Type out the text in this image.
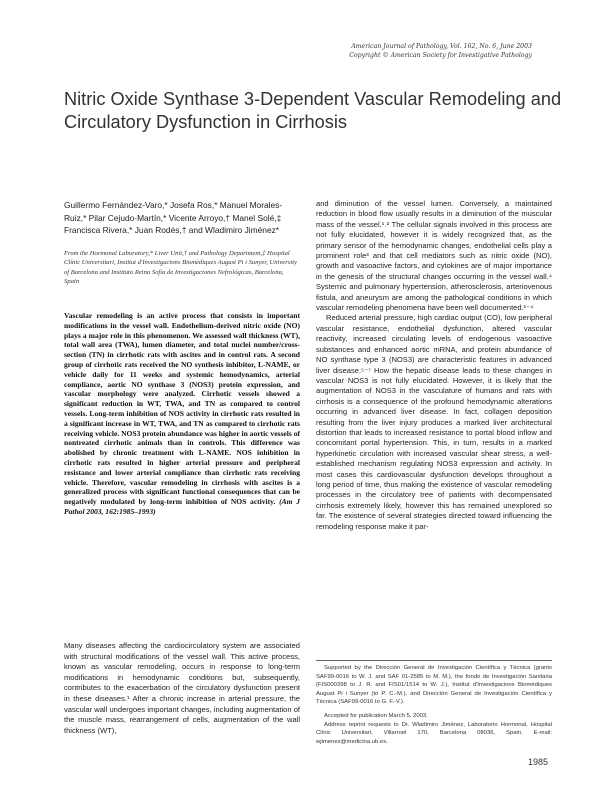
American Journal of Pathology, Vol. 162, No. 6, June 2003
Copyright © American Society for Investigative Pathology
Nitric Oxide Synthase 3-Dependent Vascular Remodeling and Circulatory Dysfunction in Cirrhosis
Guillermo Fernández-Varo,* Josefa Ros,* Manuel Morales-Ruiz,* Pilar Cejudo-Martín,* Vicente Arroyo,† Manel Solé,‡ Francisca Rivera,* Juan Rodés,† and Wladimiro Jiménez*
From the Hormonal Laboratory,* Liver Unit,† and Pathology Department,‡ Hospital Clínic Universitari, Institut d'Investigacions Biomèdiques August Pi i Sunyer, University of Barcelona and Instituto Reina Sofía de Investigaciones Nefrológicas, Barcelona, Spain

Vascular remodeling is an active process that consists in important modifications in the vessel wall. Endothelium-derived nitric oxide (NO) plays a major role in this phenomenon. We assessed wall thickness (WT), total wall area (TWA), lumen diameter, and total nuclei number/cross-section (TN) in cirrhotic rats with ascites and in control rats. A second group of cirrhotic rats received the NO synthesis inhibitor, L-NAME, or vehicle daily for 11 weeks and systemic hemodynamics, arterial compliance, aortic NO synthase 3 (NOS3) protein expression, and vascular morphology were analyzed. Cirrhotic vessels showed a significant reduction in WT, TWA, and TN as compared to control vessels. Long-term inhibition of NOS activity in cirrhotic rats resulted in a significant increase in WT, TWA, and TN as compared to cirrhotic rats receiving vehicle. NOS3 protein abundance was higher in aortic vessels of nontreated cirrhotic animals than in controls. This difference was abolished by chronic treatment with L-NAME. NOS inhibition in cirrhotic rats resulted in higher arterial pressure and peripheral resistance and lower arterial compliance than cirrhotic rats receiving vehicle. Therefore, vascular remodeling in cirrhosis with ascites is a generalized process with significant functional consequences that can be negatively modulated by long-term inhibition of NOS activity. (Am J Pathol 2003, 162:1985–1993)

Many diseases affecting the cardiocirculatory system are associated with structural modifications of the vessel wall. This active process, known as vascular remodeling, occurs in response to long-term modifications in hemodynamic conditions but, subsequently, contributes to the exacerbation of the circulatory dysfunction present in these diseases.¹ After a chronic increase in arterial pressure, the vascular wall undergoes important changes, including augmentation of the muscle mass, rearrangement of cells, augmentation of the wall thickness (WT),

and diminution of the vessel lumen. Conversely, a maintained reduction in blood flow usually results in a diminution of the muscular mass of the vessel.¹˒² The cellular signals involved in this process are not fully elucidated, however it is widely recognized that, as the primary sensor of the hemodynamic changes, endothelial cells play a prominent role³ and that cell mediators such as nitric oxide (NO), growth and vasoactive factors, and cytokines are of major importance in the genesis of the structural changes occurring in the vessel wall.⁴ Systemic and pulmonary hypertension, atherosclerosis, arteriovenous fistula, and aneurysm are among the pathological conditions in which vascular remodeling phenomena have been well documented.¹⁻⁴

Reduced arterial pressure, high cardiac output (CO), low peripheral vascular resistance, endothelial dysfunction, altered vascular reactivity, increased circulating levels of endogenous vasoactive substances and enhanced aortic mRNA, and protein abundance of NO synthase type 3 (NOS3) are characteristic features in advanced liver disease.⁵⁻⁷ How the hepatic disease leads to these changes in vascular NOS3 is not fully elucidated. However, it is likely that the augmentation of NOS3 in the vasculature of humans and rats with cirrhosis is a consequence of the profound hemodynamic alterations occurring in advanced liver disease. In fact, collagen deposition resulting from the liver injury produces a marked liver architectural distortion that leads to increased resistance to portal blood inflow and concomitant portal hypertension. This, in turn, results in a marked hyperkinetic circulation with increased vascular shear stress, a well-established mechanism regulating NOS3 expression and activity. In most cases this cardiovascular dysfunction develops throughout a long period of time, thus making the existence of vascular remodeling processes in the circulatory tree of patients with decompensated cirrhosis extremely likely, however this has remained unexplored so far. The existence of several strategies directed toward influencing the remodeling response make it par-

Supported by the Dirección General de Investigación Científica y Técnica (grants SAF99-0016 to W. J. and SAF 01-2585 to M. M.), the fondo de Investigación Sanitaria (FIS000398 to J. R. and FIS01/1514 to W. J.), Institut d'Investigacions Biomèdiques August Pi i Sunyer (to P. C.-M.), and Dirección General de Investigación Científica y Técnica (SAF99-0016 to G. F.-V.).

Accepted for publication March 5, 2003.

Address reprint requests to Dr. Wladimiro Jiménez, Laboratorio Hormonal, Hospital Clínic Universitari, Villarroel 170, Barcelona 08036, Spain. E-mail: wjimenez@medicina.ub.es.

1985
